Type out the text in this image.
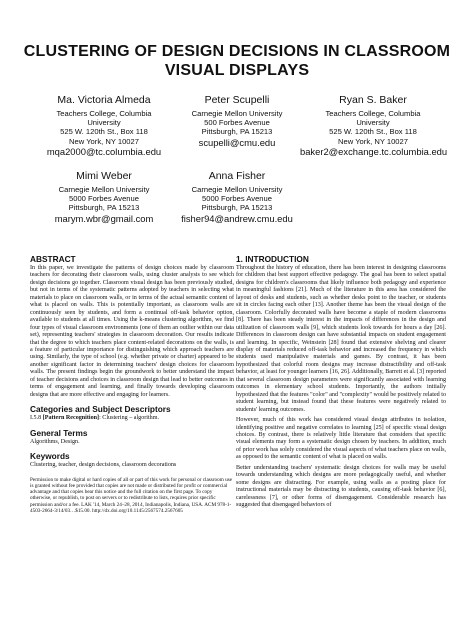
CLUSTERING OF DESIGN DECISIONS IN CLASSROOM VISUAL DISPLAYS
Ma. Victoria Almeda
Teachers College, Columbia
University
525 W. 120th St., Box 118
New York, NY 10027
mqa2000@tc.columbia.edu
Peter Scupelli
Carnegie Mellon University
500 Forbes Avenue
Pittsburgh, PA 15213
scupelli@cmu.edu
Ryan S. Baker
Teachers College, Columbia
University
525 W. 120th St., Box 118
New York, NY 10027
baker2@exchange.tc.columbia.edu
Mimi Weber
Carnegie Mellon University
5000 Forbes Avenue
Pittsburgh, PA 15213
marym.wbr@gmail.com
Anna Fisher
Carnegie Mellon University
5000 Forbes Avenue
Pittsburgh, PA 15213
fisher94@andrew.cmu.edu
ABSTRACT
In this paper, we investigate the patterns of design choices made by classroom teachers for decorating their classroom walls, using cluster analysis to see which design decisions go together. Classroom visual design has been previously studied, but not in terms of the systematic patterns adopted by teachers in selecting what materials to place on classroom walls, or in terms of the actual semantic content of what is placed on walls. This is potentially important, as classroom walls are continuously seen by students, and form a continual off-task behavior option, available to students at all times. Using the k-means clustering algorithm, we find four types of visual classroom environments (one of them an outlier within our data set), representing teachers' strategies in classroom decoration. Our results indicate that the degree to which teachers place content-related decorations on the walls, is a feature of particular importance for distinguishing which approach teachers are using. Similarly, the type of school (e.g. whether private or charter) appeared to be another significant factor in determining teachers' design choices for classroom walls. The present findings begin the groundwork to better understand the impact of teacher decisions and choices in classroom design that lead to better outcomes in terms of engagement and learning, and finally towards developing classroom designs that are more effective and engaging for learners.
Categories and Subject Descriptors
I.5.8 [Pattern Recognition]: Clustering – algorithm.
General Terms
Algorithms, Design.
Keywords
Clustering, teacher, design decisions, classroom decorations
Permission to make digital or hard copies of all or part of this work for personal or classroom use is granted without fee provided that copies are not made or distributed for profit or commercial advantage and that copies bear this notice and the full citation on the first page. To copy otherwise, or republish, to post on servers or to redistribute to lists, requires prior specific permission and/or a fee. LAK '14, March 24–28, 2014, Indianapolis, Indiana, USA. ACM 978-1-4503-2664-3/14/03…$15.00. http://dx.doi.org/10.1145/2567574.2567605
1. INTRODUCTION
Throughout the history of education, there has been interest in designing classrooms for children that best support effective pedagogy. The goal has been to select spatial designs for children's classrooms that likely influence both pedagogy and experience in meaningful fashions [21]. Much of the literature in this area has considered the layout of desks and students, such as whether desks point to the teacher, or students sit in circles facing each other [13]. Another theme has been the visual design of the classroom. Colorfully decorated walls have become a staple of modern classrooms [8]. There has been steady interest in the impacts of differences in the design and utilization of classroom walls [9], which students look towards for hours a day [26]. Differences in classroom design can have substantial impacts on student engagement and learning. In specific, Weinstein [28] found that extensive shelving and clearer display of materials reduced off-task behavior and increased the frequency in which students used manipulative materials and games. By contrast, it has been hypothesized that colorful room designs may increase distractibility and off-task behavior, at least for younger learners [16, 26]. Additionally, Barrett et al. [3] reported that several classroom design parameters were significantly associated with learning outcomes in elementary school students. Importantly, the authors initially hypothesized that the features "color" and "complexity" would be positively related to student learning, but instead found that these features were negatively related to students' learning outcomes.
However, much of this work has considered visual design attributes in isolation, identifying positive and negative correlates to learning [25] of specific visual design choices. By contrast, there is relatively little literature that considers that specific visual elements may form a systematic design chosen by teachers. In addition, much of prior work has solely considered the visual aspects of what teachers place on walls, as opposed to the semantic content of what is placed on walls.
Better understanding teachers' systematic design choices for walls may be useful towards understanding which designs are more pedagogically useful, and whether some designs are distracting. For example, using walls as a posting place for instructional materials may be distracting to students, causing off-task behavior [6], carelessness [7], or other forms of disengagement. Considerable research has suggested that disengaged behaviors of
